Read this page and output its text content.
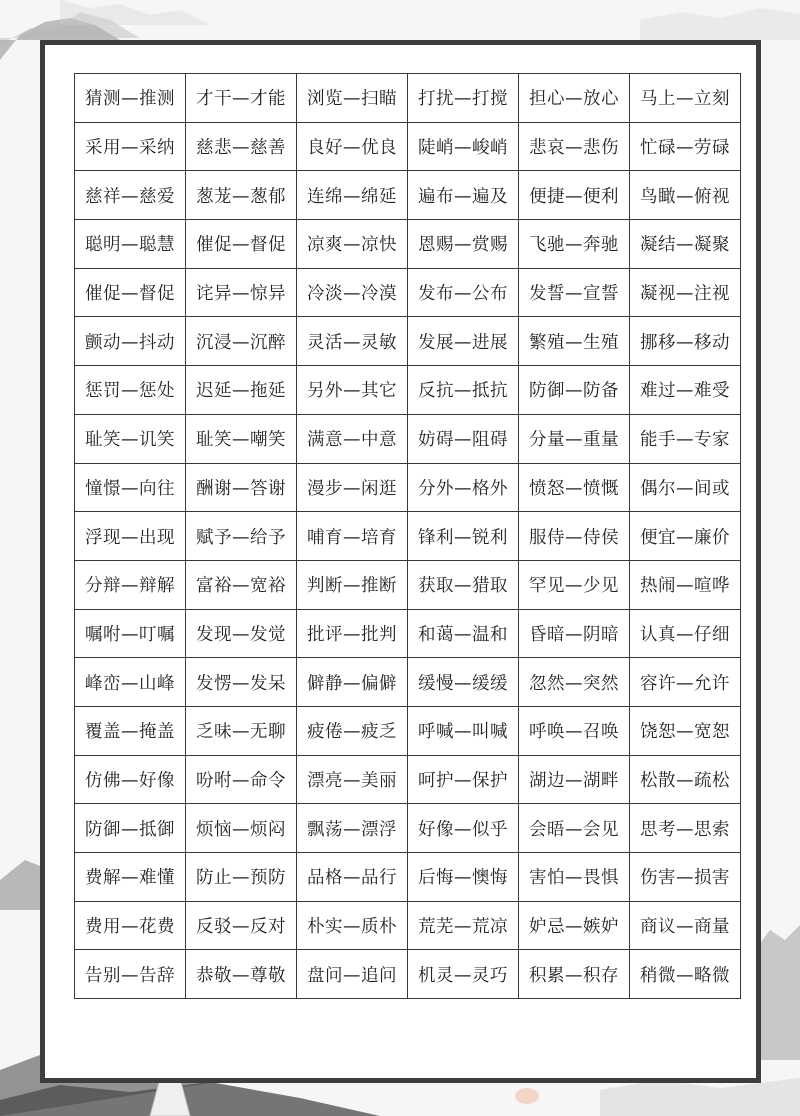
猜测—推测	才干—才能	浏览—扫瞄	打扰—打搅	担心—放心	马上—立刻
采用—采纳	慈悲—慈善	良好—优良	陡峭—峻峭	悲哀—悲伤	忙碌—劳碌
慈祥—慈爱	葱茏—葱郁	连绵—绵延	遍布—遍及	便捷—便利	鸟瞰—俯视
聪明—聪慧	催促—督促	凉爽—凉快	恩赐—赏赐	飞驰—奔驰	凝结—凝聚
催促—督促	诧异—惊异	冷淡—冷漠	发布—公布	发誓—宣誓	凝视—注视
颤动—抖动	沉浸—沉醉	灵活—灵敏	发展—进展	繁殖—生殖	挪移—移动
惩罚—惩处	迟延—拖延	另外—其它	反抗—抵抗	防御—防备	难过—难受
耻笑—讥笑	耻笑—嘲笑	满意—中意	妨碍—阻碍	分量—重量	能手—专家
憧憬—向往	酬谢—答谢	漫步—闲逛	分外—格外	愤怒—愤慨	偶尔—间或
浮现—出现	赋予—给予	哺育—培育	锋利—锐利	服侍—侍侯	便宜—廉价
分辩—辩解	富裕—宽裕	判断—推断	获取—猎取	罕见—少见	热闹—喧哗
嘱咐—叮嘱	发现—发觉	批评—批判	和蔼—温和	昏暗—阴暗	认真—仔细
峰峦—山峰	发愣—发呆	僻静—偏僻	缓慢—缓缓	忽然—突然	容许—允许
覆盖—掩盖	乏味—无聊	疲倦—疲乏	呼喊—叫喊	呼唤—召唤	饶恕—宽恕
仿佛—好像	吩咐—命令	漂亮—美丽	呵护—保护	湖边—湖畔	松散—疏松
防御—抵御	烦恼—烦闷	飘荡—漂浮	好像—似乎	会晤—会见	思考—思索
费解—难懂	防止—预防	品格—品行	后悔—懊悔	害怕—畏惧	伤害—损害
费用—花费	反驳—反对	朴实—质朴	荒芜—荒凉	妒忌—嫉妒	商议—商量
告别—告辞	恭敬—尊敬	盘问—追问	机灵—灵巧	积累—积存	稍微—略微
